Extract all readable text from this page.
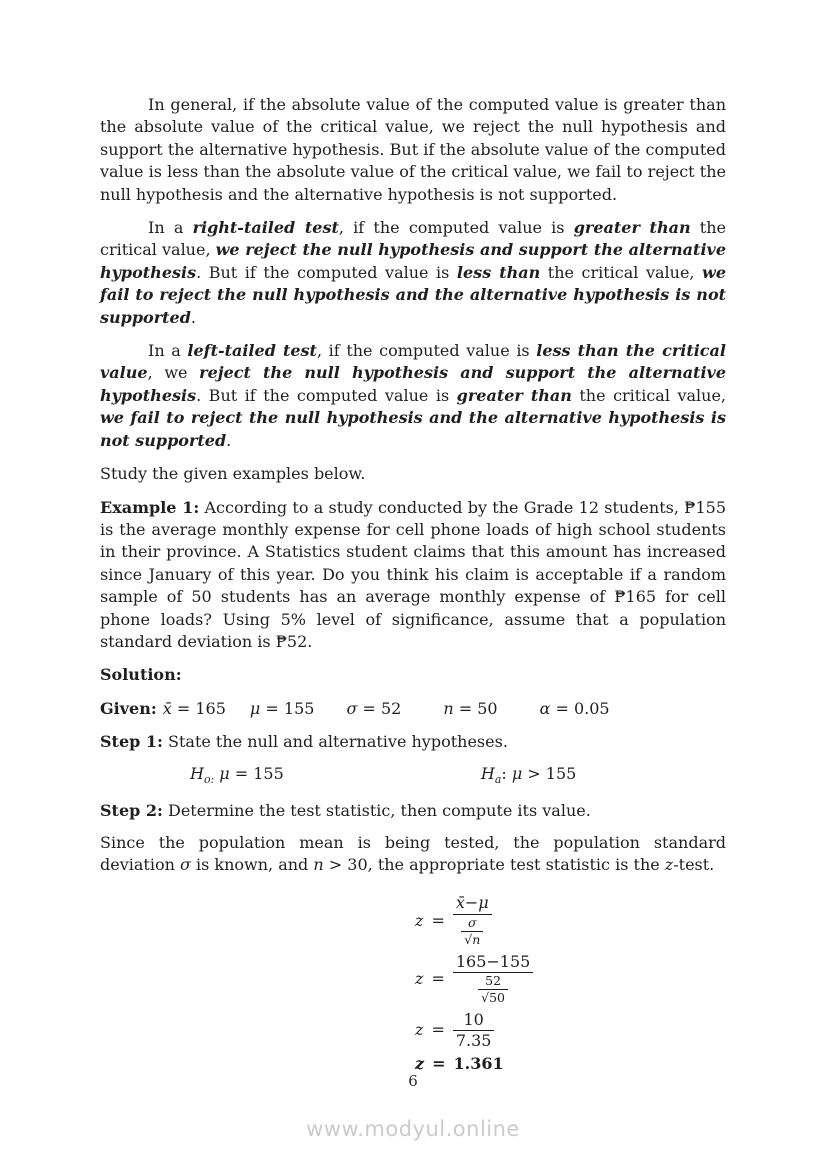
In general, if the absolute value of the computed value is greater than the absolute value of the critical value, we reject the null hypothesis and support the alternative hypothesis. But if the absolute value of the computed value is less than the absolute value of the critical value, we fail to reject the null hypothesis and the alternative hypothesis is not supported.

In a right-tailed test, if the computed value is greater than the critical value, we reject the null hypothesis and support the alternative hypothesis. But if the computed value is less than the critical value, we fail to reject the null hypothesis and the alternative hypothesis is not supported.

In a left-tailed test, if the computed value is less than the critical value, we reject the null hypothesis and support the alternative hypothesis. But if the computed value is greater than the critical value, we fail to reject the null hypothesis and the alternative hypothesis is not supported.

Study the given examples below.

Example 1: According to a study conducted by the Grade 12 students, ₱155 is the average monthly expense for cell phone loads of high school students in their province. A Statistics student claims that this amount has increased since January of this year. Do you think his claim is acceptable if a random sample of 50 students has an average monthly expense of ₱165 for cell phone loads? Using 5% level of significance, assume that a population standard deviation is ₱52.

Solution:

Given: x̄ = 165 μ = 155 σ = 52	n = 50	α = 0.05

Step 1: State the null and alternative hypotheses.

$H_{o:}$ μ = 155	$H_a$: μ > 155

Step 2: Determine the test statistic, then compute its value.

Since the population mean is being tested, the population standard deviation σ is known, and n > 30, the appropriate test statistic is the z-test.

$z = \frac{x̄-\mu}{\frac{\sigma}{√n}}$
$z = \frac{165-155}{\frac{52}{√50}}$
$z = \frac{10}{7.35}$
z = 1.361
6
www.modyul.online
